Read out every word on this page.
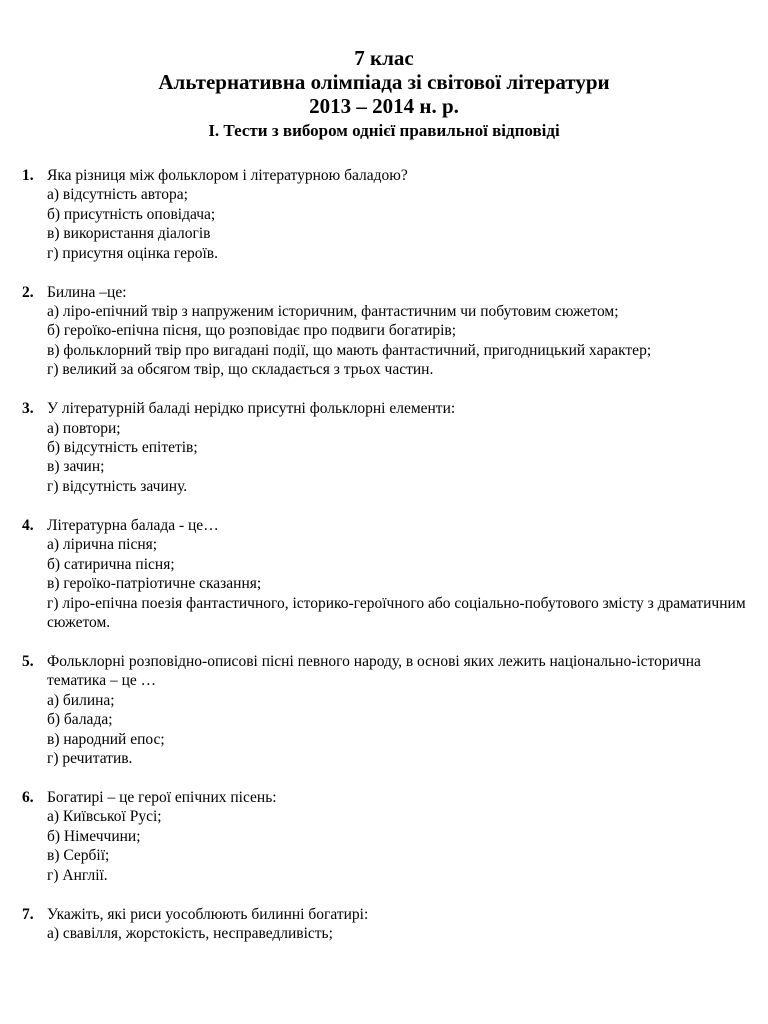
7 клас
Альтернативна олімпіада зі світової літератури
2013 – 2014 н. р.
І. Тести з вибором однієї правильної відповіді
1. Яка різниця між фольклором і літературною баладою?
а) відсутність автора;
б) присутність оповідача;
в) використання діалогів
г) присутня оцінка героїв.
2. Билина –це:
а) ліро-епічний твір з напруженим історичним, фантастичним чи побутовим сюжетом;
б) героїко-епічна пісня, що розповідає про подвиги богатирів;
в) фольклорний твір про вигадані події, що мають фантастичний, пригодницький характер;
г) великий за обсягом твір, що складається з трьох частин.
3. У літературній баладі нерідко присутні фольклорні елементи:
а) повтори;
б) відсутність епітетів;
в) зачин;
г) відсутність зачину.
4. Літературна балада - це…
а) лірична пісня;
б) сатирична пісня;
в) героїко-патріотичне сказання;
г) ліро-епічна поезія фантастичного, історико-героїчного або соціально-побутового змісту з драматичним сюжетом.
5. Фольклорні розповідно-описові пісні певного народу, в основі яких лежить національно-історична тематика – це …
а) билина;
б) балада;
в) народний епос;
г) речитатив.
6. Богатирі – це герої епічних пісень:
а) Київської Русі;
б) Німеччини;
в) Сербії;
г) Англії.
7. Укажіть, які риси уособлюють билинні богатирі:
а) свавілля, жорстокість, несправедливість;
